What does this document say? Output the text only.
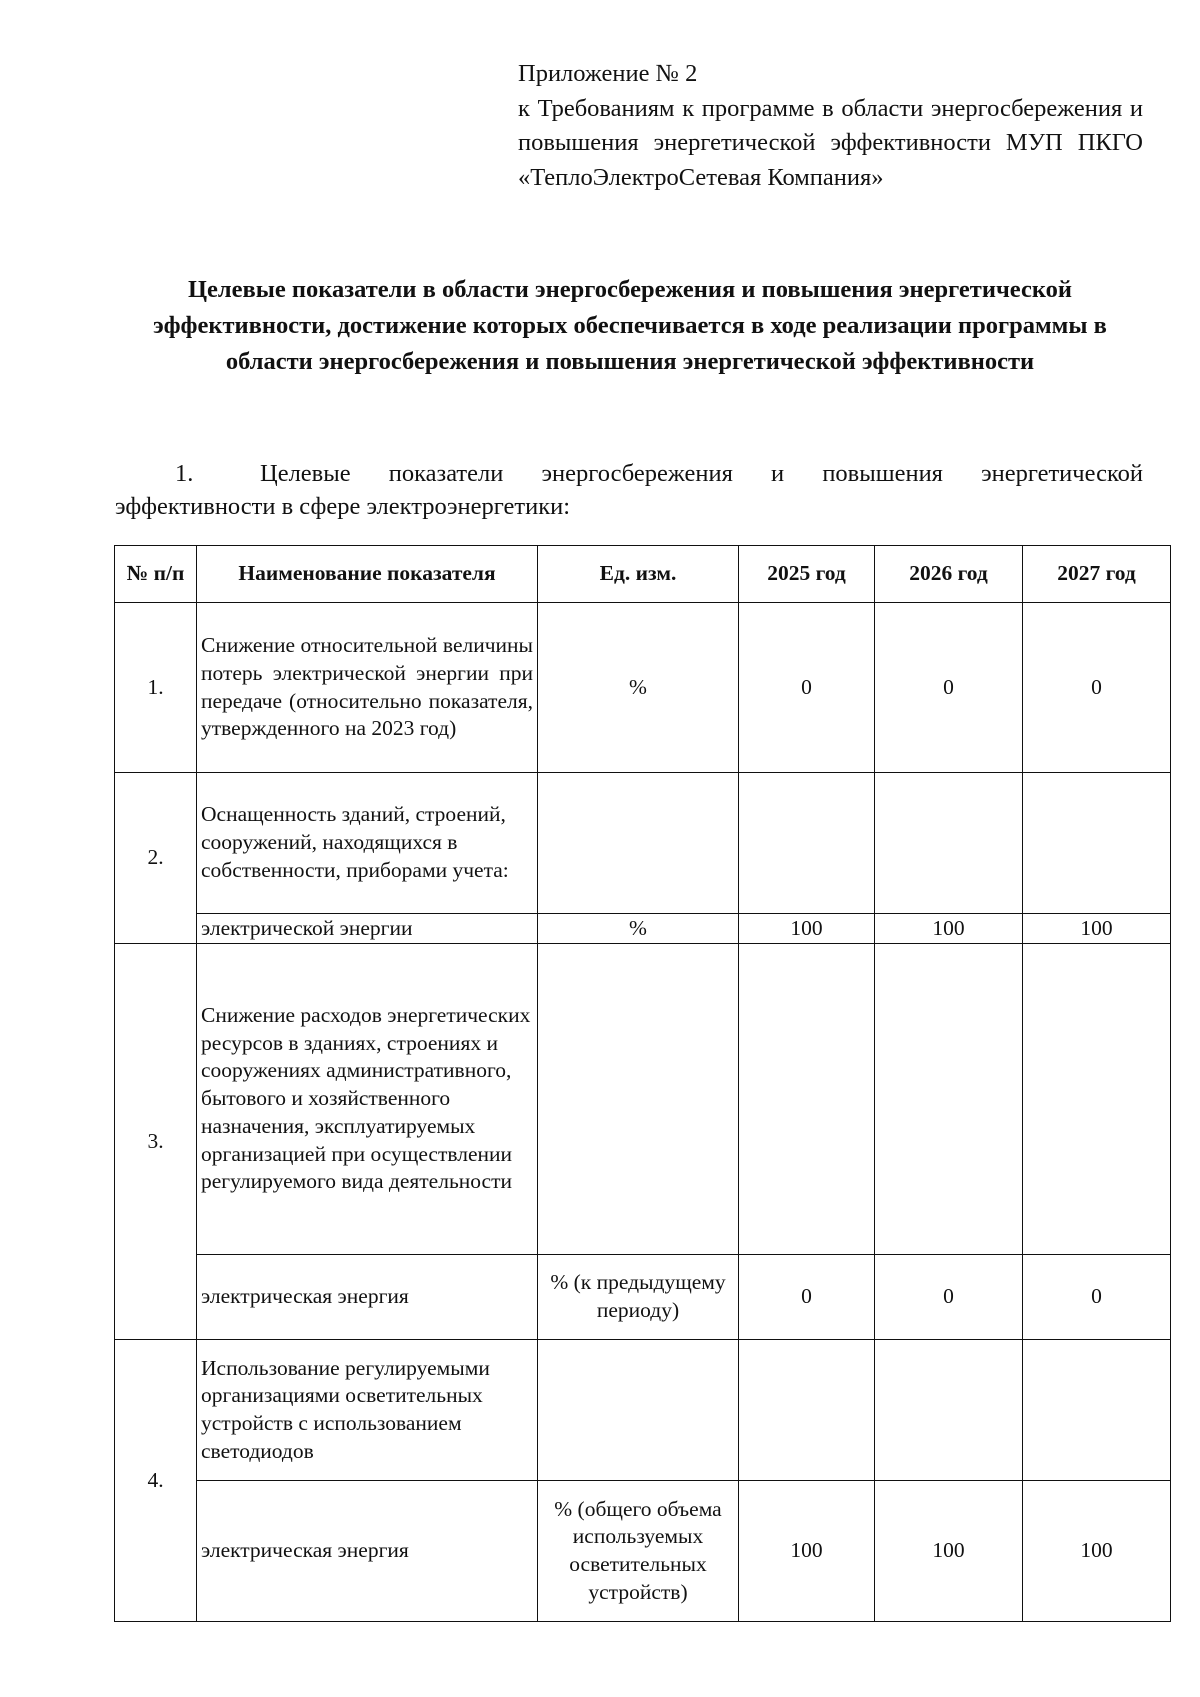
Приложение № 2
к Требованиям к программе в области энергосбережения и повышения энергетической эффективности МУП ПКГО «ТеплоЭлектроСетевая Компания»
Целевые показатели в области энергосбережения и повышения энергетической эффективности, достижение которых обеспечивается в ходе реализации программы в области энергосбережения и повышения энергетической эффективности
1.	Целевые показатели энергосбережения и повышения энергетической эффективности в сфере электроэнергетики:
№ п/п	Наименование показателя	Ед. изм.	2025 год	2026 год	2027 год
1.	Снижение относительной величины потерь электрической энергии при передаче (относительно показателя, утвержденного на 2023 год)	%	0	0	0
2.	Оснащенность зданий, строений, сооружений, находящихся в собственности, приборами учета:				
	электрической энергии	%	100	100	100
3.	Снижение расходов энергетических ресурсов в зданиях, строениях и сооружениях административного, бытового и хозяйственного назначения, эксплуатируемых организацией при осуществлении регулируемого вида деятельности				
	электрическая энергия	% (к предыдущему периоду)	0	0	0
4.	Использование регулируемыми организациями осветительных устройств с использованием светодиодов				
	электрическая энергия	% (общего объема используемых осветительных устройств)	100	100	100
